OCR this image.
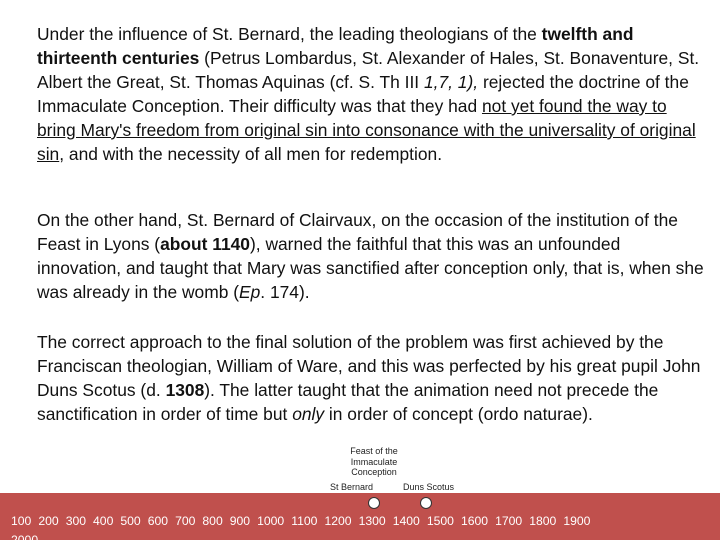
Under the influence of St. Bernard, the leading theologians of the twelfth and thirteenth centuries (Petrus Lombardus, St. Alexander of Hales, St. Bonaventure, St. Albert the Great, St. Thomas Aquinas (cf. S. Th III 1,7, 1), rejected the doctrine of the Immaculate Conception. Their difficulty was that they had not yet found the way to bring Mary's freedom from original sin into consonance with the universality of original sin, and with the necessity of all men for redemption.

On the other hand, St. Bernard of Clairvaux, on the occasion of the institution of the Feast in Lyons (about 1140), warned the faithful that this was an unfounded innovation, and taught that Mary was sanctified after conception only, that is, when she was already in the womb (Ep. 174).

The correct approach to the final solution of the problem was first achieved by the Franciscan theologian, William of Ware, and this was perfected by his great pupil John Duns Scotus (d. 1308). The latter taught that the animation need not precede the sanctification in order of time but only in order of concept (ordo naturae).

Feast of the
Immaculate
Conception
St Bernard	Duns Scotus
100 200 300 400 500 600 700 800 900 1000 1100 1200 1300 1400 1500 1600 1700 1800 1900
2000
